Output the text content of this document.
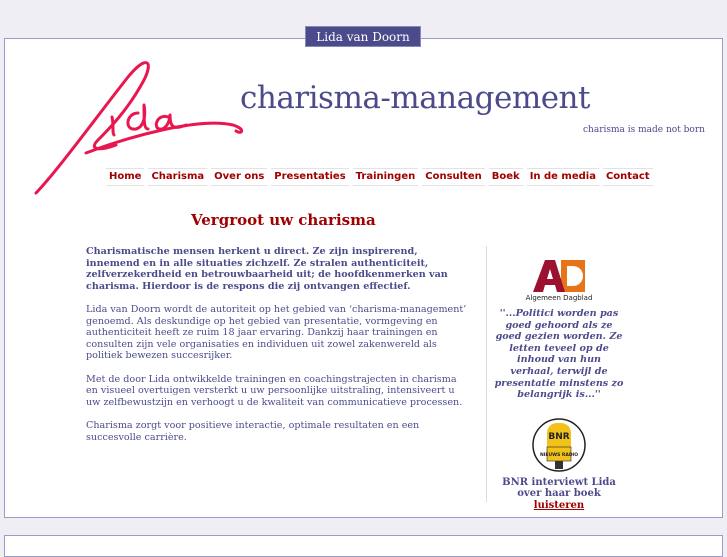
Lida van Doorn
charisma-management
charisma is made not born
Home	Charisma	Over ons	Presentaties	Trainingen	Consulten	Boek	In de media	Contact
Vergroot uw charisma

Charismatische mensen herkent u direct. Ze zijn inspirerend, innemend en in alle situaties zichzelf. Ze stralen authenticiteit, zelfverzekerdheid en betrouwbaarheid uit; de hoofdkenmerken van charisma. Hierdoor is de respons die zij ontvangen effectief.

Lida van Doorn wordt de autoriteit op het gebied van ‘charisma-management’ genoemd. Als deskundige op het gebied van presentatie, vormgeving en authenticiteit heeft ze ruim 18 jaar ervaring. Dankzij haar trainingen en consulten zijn vele organisaties en individuen uit zowel zakenwereld als politiek bewezen succesrijker.

Met de door Lida ontwikkelde trainingen en coachingstrajecten in charisma en visueel overtuigen versterkt u uw persoonlijke uitstraling, intensiveert u uw zelfbewustzijn en verhoogt u de kwaliteit van communicatieve processen.

Charisma zorgt voor positieve interactie, optimale resultaten en een succesvolle carrière.

Algemeen Dagblad
''...Politici worden pas goed gehoord als ze goed gezien worden. Ze letten teveel op de inhoud van hun verhaal, terwijl de presentatie minstens zo belangrijk is...''
BNR
NIEUWS RADIO
BNR interviewt Lida
over haar boek
luisteren
